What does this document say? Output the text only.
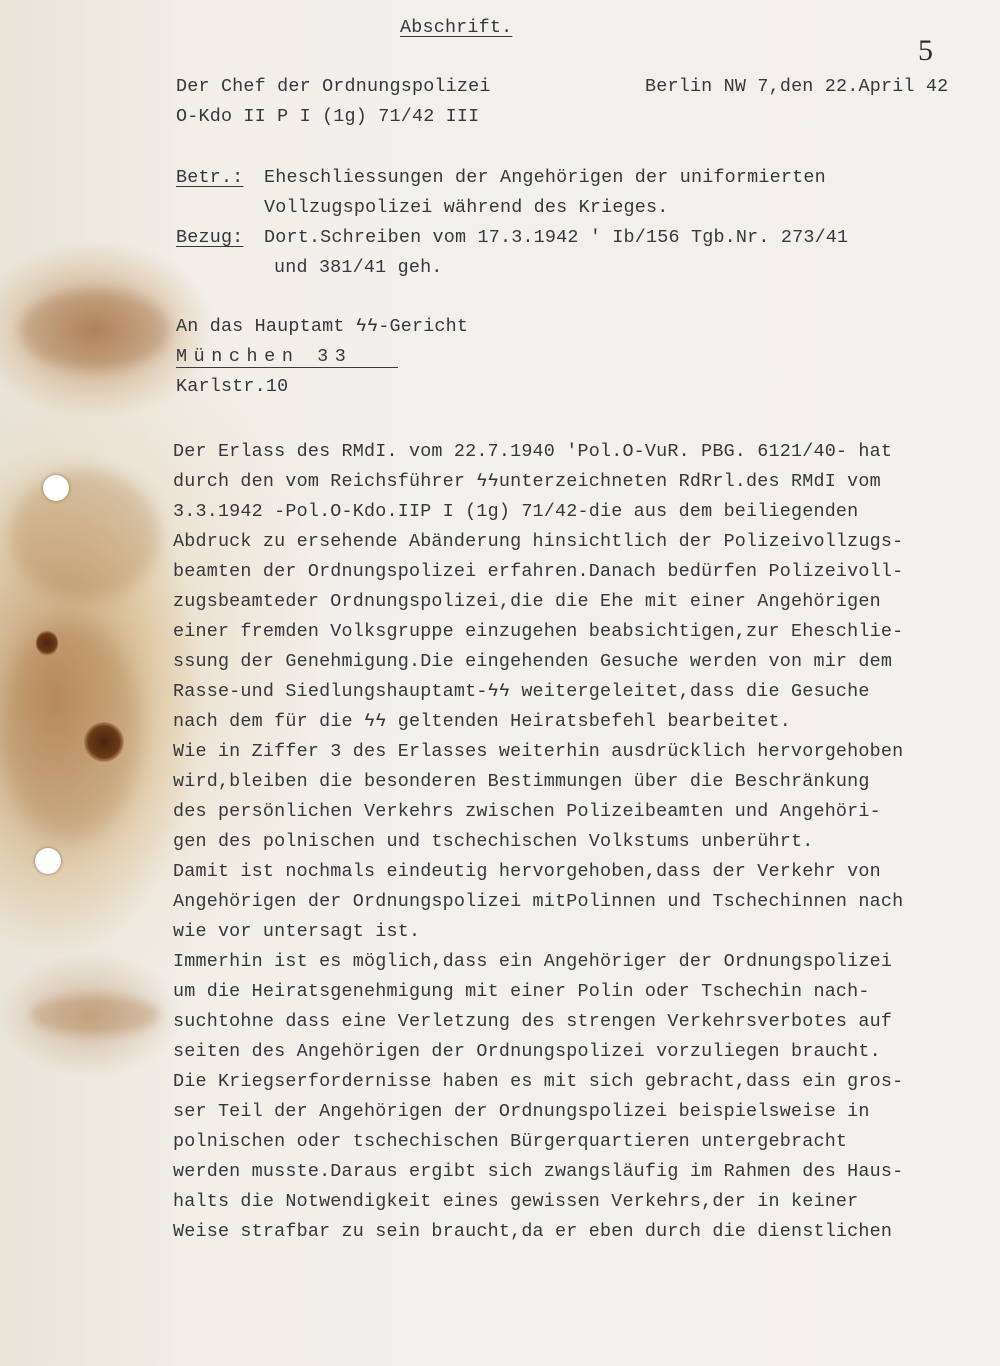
Abschrift.
5
Der Chef der Ordnungspolizei
O-Kdo II P I (1g) 71/42 III
Berlin NW 7,den 22.April 42
Betr.: Eheschliessungen der Angehörigen der uniformierten
Vollzugspolizei während des Krieges.
Bezug: Dort.Schreiben vom 17.3.1942 ' Ib/156 Tgb.Nr. 273/41
und 381/41 geh.
An das Hauptamt ϟϟ-Gericht
München 33
Karlstr.10
Der Erlass des RMdI. vom 22.7.1940 'Pol.O-VuR. PBG. 6121/40- hat
durch den vom Reichsführer ϟϟunterzeichneten RdRrl.des RMdI vom
3.3.1942 -Pol.O-Kdo.IIP I (1g) 71/42-die aus dem beiliegenden
Abdruck zu ersehende Abänderung hinsichtlich der Polizeivollzugs-
beamten der Ordnungspolizei erfahren.Danach bedürfen Polizeivoll-
zugsbeamteder Ordnungspolizei,die die Ehe mit einer Angehörigen
einer fremden Volksgruppe einzugehen beabsichtigen,zur Eheschlie-
ssung der Genehmigung.Die eingehenden Gesuche werden von mir dem
Rasse-und Siedlungshauptamt-ϟϟ weitergeleitet,dass die Gesuche
nach dem für die ϟϟ geltenden Heiratsbefehl bearbeitet.
Wie in Ziffer 3 des Erlasses weiterhin ausdrücklich hervorgehoben
wird,bleiben die besonderen Bestimmungen über die Beschränkung
des persönlichen Verkehrs zwischen Polizeibeamten und Angehöri-
gen des polnischen und tschechischen Volkstums unberührt.
Damit ist nochmals eindeutig hervorgehoben,dass der Verkehr von
Angehörigen der Ordnungspolizei mitPolinnen und Tschechinnen nach
wie vor untersagt ist.
Immerhin ist es möglich,dass ein Angehöriger der Ordnungspolizei
um die Heiratsgenehmigung mit einer Polin oder Tschechin nach-
suchtohne dass eine Verletzung des strengen Verkehrsverbotes auf
seiten des Angehörigen der Ordnungspolizei vorzuliegen braucht.
Die Kriegserfordernisse haben es mit sich gebracht,dass ein gros-
ser Teil der Angehörigen der Ordnungspolizei beispielsweise in
polnischen oder tschechischen Bürgerquartieren untergebracht
werden musste.Daraus ergibt sich zwangsläufig im Rahmen des Haus-
halts die Notwendigkeit eines gewissen Verkehrs,der in keiner
Weise strafbar zu sein braucht,da er eben durch die dienstlichen
